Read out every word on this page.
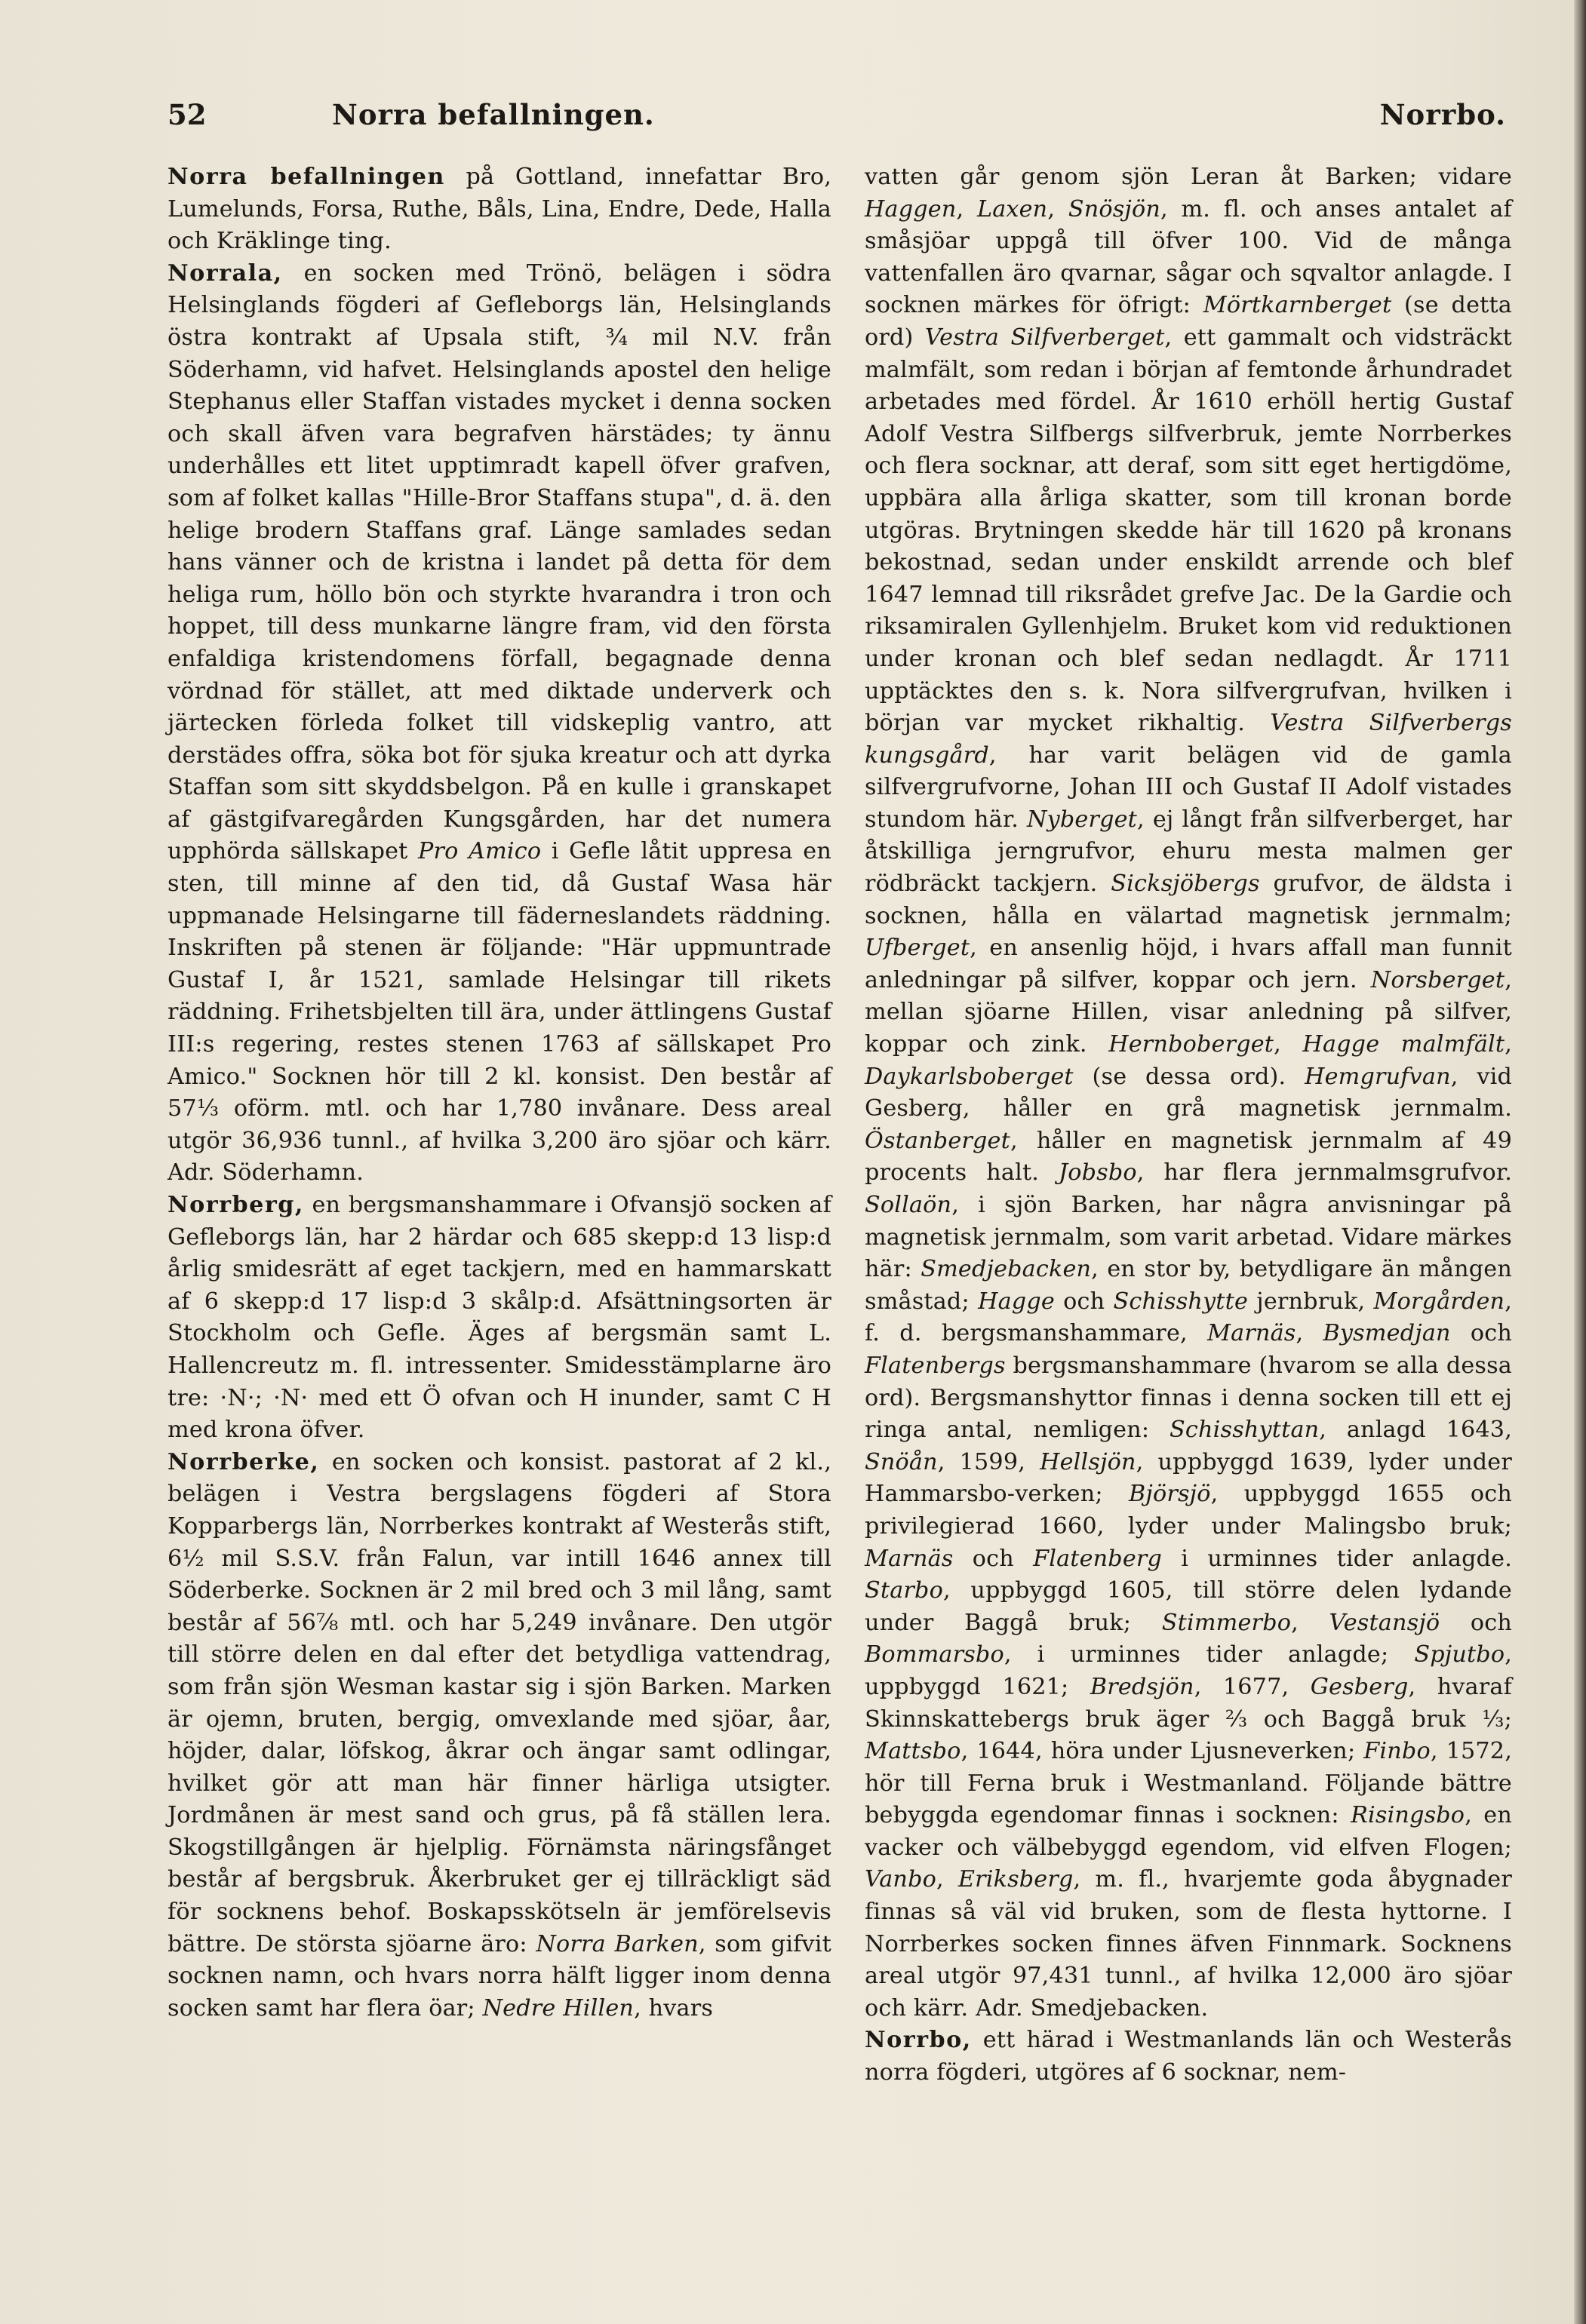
52	Norra befallningen.	Norrbo.

Norra befallningen på Gottland, innefattar Bro, Lumelunds, Forsa, Ruthe, Båls, Lina, Endre, Dede, Halla och Kräklinge ting.

Norrala, en socken med Trönö, belägen i södra Helsinglands fögderi af Gefleborgs län, Helsinglands östra kontrakt af Upsala stift, ¾ mil N.V. från Söderhamn, vid hafvet. Helsinglands apostel den helige Stephanus eller Staffan vistades mycket i denna socken och skall äfven vara begrafven härstädes; ty ännu underhålles ett litet upptimradt kapell öfver grafven, som af folket kallas "Hille-Bror Staffans stupa", d. ä. den helige brodern Staffans graf. Länge samlades sedan hans vänner och de kristna i landet på detta för dem heliga rum, höllo bön och styrkte hvarandra i tron och hoppet, till dess munkarne längre fram, vid den första enfaldiga kristendomens förfall, begagnade denna vördnad för stället, att med diktade underverk och järtecken förleda folket till vidskeplig vantro, att derstädes offra, söka bot för sjuka kreatur och att dyrka Staffan som sitt skyddsbelgon. På en kulle i granskapet af gästgifvaregården Kungsgården, har det numera upphörda sällskapet Pro Amico i Gefle låtit uppresa en sten, till minne af den tid, då Gustaf Wasa här uppmanade Helsingarne till fäderneslandets räddning. Inskriften på stenen är följande: "Här uppmuntrade Gustaf I, år 1521, samlade Helsingar till rikets räddning. Frihetsbjelten till ära, under ättlingens Gustaf III:s regering, restes stenen 1763 af sällskapet Pro Amico." Socknen hör till 2 kl. konsist. Den består af 57⅓ oförm. mtl. och har 1,780 invånare. Dess areal utgör 36,936 tunnl., af hvilka 3,200 äro sjöar och kärr. Adr. Söderhamn.

Norrberg, en bergsmanshammare i Ofvansjö socken af Gefleborgs län, har 2 härdar och 685 skepp:d 13 lisp:d årlig smidesrätt af eget tackjern, med en hammarskatt af 6 skepp:d 17 lisp:d 3 skålp:d. Afsättningsorten är Stockholm och Gefle. Äges af bergsmän samt L. Hallencreutz m. fl. intressenter. Smidesstämplarne äro tre: ·N·; ·N· med ett Ö ofvan och H inunder, samt C H med krona öfver.

Norrberke, en socken och konsist. pastorat af 2 kl., belägen i Vestra bergslagens fögderi af Stora Kopparbergs län, Norrberkes kontrakt af Westerås stift, 6½ mil S.S.V. från Falun, var intill 1646 annex till Söderberke. Socknen är 2 mil bred och 3 mil lång, samt består af 56⅞ mtl. och har 5,249 invånare. Den utgör till större delen en dal efter det betydliga vattendrag, som från sjön Wesman kastar sig i sjön Barken. Marken är ojemn, bruten, bergig, omvexlande med sjöar, åar, höjder, dalar, löfskog, åkrar och ängar samt odlingar, hvilket gör att man här finner härliga utsigter. Jordmånen är mest sand och grus, på få ställen lera. Skogstillgången är hjelplig. Förnämsta näringsfånget består af bergsbruk. Åkerbruket ger ej tillräckligt säd för socknens behof. Boskapsskötseln är jemförelsevis bättre. De största sjöarne äro: Norra Barken, som gifvit socknen namn, och hvars norra hälft ligger inom denna socken samt har flera öar; Nedre Hillen, hvars

vatten går genom sjön Leran åt Barken; vidare Haggen, Laxen, Snösjön, m. fl. och anses antalet af småsjöar uppgå till öfver 100. Vid de många vattenfallen äro qvarnar, sågar och sqvaltor anlagde. I socknen märkes för öfrigt: Mörtkarnberget (se detta ord) Vestra Silfverberget, ett gammalt och vidsträckt malmfält, som redan i början af femtonde århundradet arbetades med fördel. År 1610 erhöll hertig Gustaf Adolf Vestra Silfbergs silfverbruk, jemte Norrberkes och flera socknar, att deraf, som sitt eget hertigdöme, uppbära alla årliga skatter, som till kronan borde utgöras. Brytningen skedde här till 1620 på kronans bekostnad, sedan under enskildt arrende och blef 1647 lemnad till riksrådet grefve Jac. De la Gardie och riksamiralen Gyllenhjelm. Bruket kom vid reduktionen under kronan och blef sedan nedlagdt. År 1711 upptäcktes den s. k. Nora silfvergrufvan, hvilken i början var mycket rikhaltig. Vestra Silfverbergs kungsgård, har varit belägen vid de gamla silfvergrufvorne, Johan III och Gustaf II Adolf vistades stundom här. Nyberget, ej långt från silfverberget, har åtskilliga jerngrufvor, ehuru mesta malmen ger rödbräckt tackjern. Sicksjöbergs grufvor, de äldsta i socknen, hålla en välartad magnetisk jernmalm; Ufberget, en ansenlig höjd, i hvars affall man funnit anledningar på silfver, koppar och jern. Norsberget, mellan sjöarne Hillen, visar anledning på silfver, koppar och zink. Hernboberget, Hagge malmfält, Daykarlsboberget (se dessa ord). Hemgrufvan, vid Gesberg, håller en grå magnetisk jernmalm. Östanberget, håller en magnetisk jernmalm af 49 procents halt. Jobsbo, har flera jernmalmsgrufvor. Sollaön, i sjön Barken, har några anvisningar på magnetisk jernmalm, som varit arbetad. Vidare märkes här: Smedjebacken, en stor by, betydligare än mången småstad; Hagge och Schisshytte jernbruk, Morgården, f. d. bergsmanshammare, Marnäs, Bysmedjan och Flatenbergs bergsmanshammare (hvarom se alla dessa ord). Bergsmanshyttor finnas i denna socken till ett ej ringa antal, nemligen: Schisshyttan, anlagd 1643, Snöån, 1599, Hellsjön, uppbyggd 1639, lyder under Hammarsbo-verken; Björsjö, uppbyggd 1655 och privilegierad 1660, lyder under Malingsbo bruk; Marnäs och Flatenberg i urminnes tider anlagde. Starbo, uppbyggd 1605, till större delen lydande under Baggå bruk; Stimmerbo, Vestansjö och Bommarsbo, i urminnes tider anlagde; Spjutbo, uppbyggd 1621; Bredsjön, 1677, Gesberg, hvaraf Skinnskattebergs bruk äger ⅔ och Baggå bruk ⅓; Mattsbo, 1644, höra under Ljusneverken; Finbo, 1572, hör till Ferna bruk i Westmanland. Följande bättre bebyggda egendomar finnas i socknen: Risingsbo, en vacker och välbebyggd egendom, vid elfven Flogen; Vanbo, Eriksberg, m. fl., hvarjemte goda åbygnader finnas så väl vid bruken, som de flesta hyttorne. I Norrberkes socken finnes äfven Finnmark. Socknens areal utgör 97,431 tunnl., af hvilka 12,000 äro sjöar och kärr. Adr. Smedjebacken.

Norrbo, ett härad i Westmanlands län och Westerås norra fögderi, utgöres af 6 socknar, nem-
